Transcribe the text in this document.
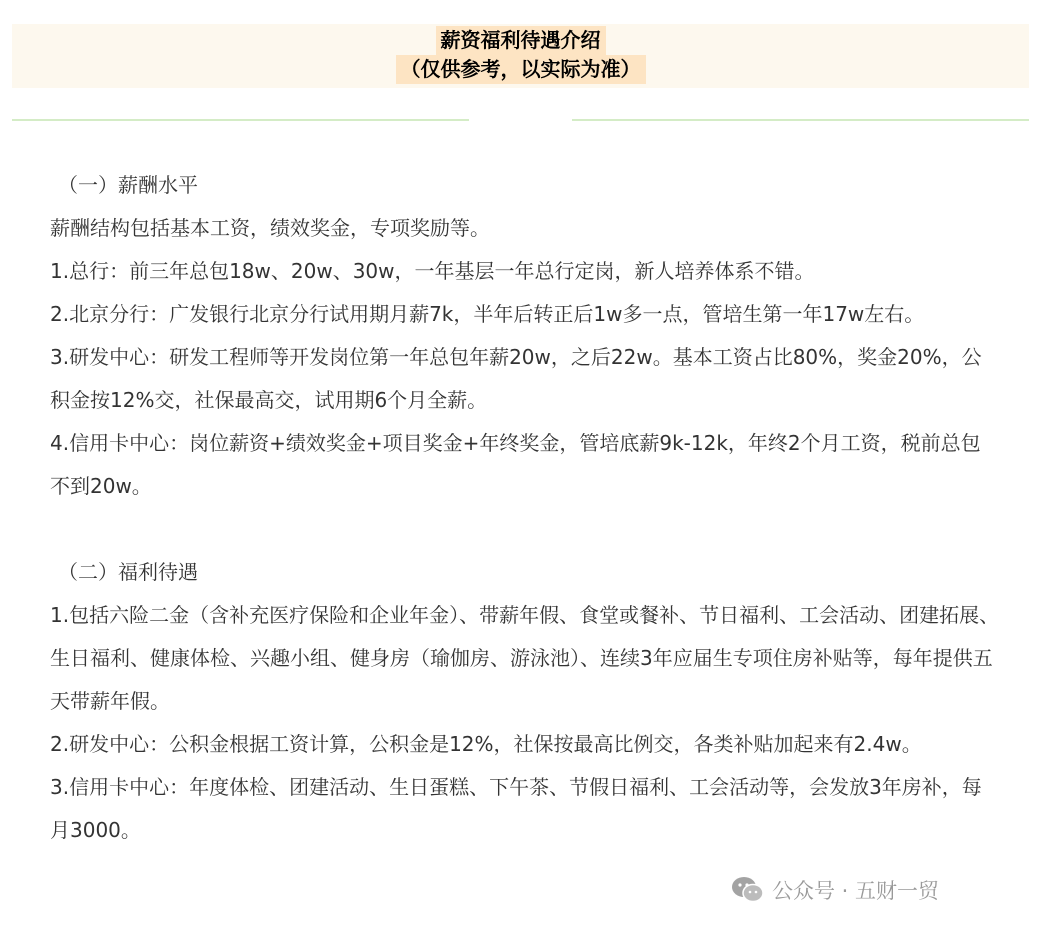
薪资福利待遇介绍
（仅供参考，以实际为准）

（一）薪酬水平

薪酬结构包括基本工资，绩效奖金，专项奖励等。

1.总行：前三年总包18w、20w、30w，一年基层一年总行定岗，新人培养体系不错。

2.北京分行：广发银行北京分行试用期月薪7k，半年后转正后1w多一点，管培生第一年17w左右。

3.研发中心：研发工程师等开发岗位第一年总包年薪20w，之后22w。基本工资占比80%，奖金20%，公积金按12%交，社保最高交，试用期6个月全薪。

4.信用卡中心：岗位薪资+绩效奖金+项目奖金+年终奖金，管培底薪9k-12k，年终2个月工资，税前总包不到20w。

（二）福利待遇

1.包括六险二金（含补充医疗保险和企业年金）、带薪年假、食堂或餐补、节日福利、工会活动、团建拓展、生日福利、健康体检、兴趣小组、健身房（瑜伽房、游泳池）、连续3年应届生专项住房补贴等，每年提供五天带薪年假。

2.研发中心：公积金根据工资计算，公积金是12%，社保按最高比例交，各类补贴加起来有2.4w。

3.信用卡中心：年度体检、团建活动、生日蛋糕、下午茶、节假日福利、工会活动等，会发放3年房补，每月3000。

公众号 · 五财一贸
